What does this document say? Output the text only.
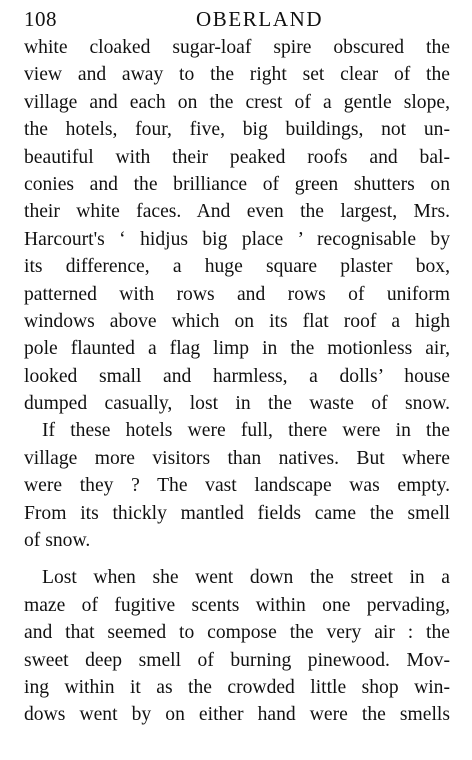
108	OBERLAND
white cloaked sugar-loaf spire obscured the
view and away to the right set clear of the
village and each on the crest of a gentle slope,
the hotels, four, five, big buildings, not un-
beautiful with their peaked roofs and bal-
conies and the brilliance of green shutters on
their white faces. And even the largest, Mrs.
Harcourt's ‘ hidjus big place ’ recognisable by
its difference, a huge square plaster box,
patterned with rows and rows of uniform
windows above which on its flat roof a high
pole flaunted a flag limp in the motionless air,
looked small and harmless, a dolls’ house
dumped casually, lost in the waste of snow.
If these hotels were full, there were in the
village more visitors than natives. But where
were they ? The vast landscape was empty.
From its thickly mantled fields came the smell
of snow.
Lost when she went down the street in a
maze of fugitive scents within one pervading,
and that seemed to compose the very air : the
sweet deep smell of burning pinewood. Mov-
ing within it as the crowded little shop win-
dows went by on either hand were the smells
